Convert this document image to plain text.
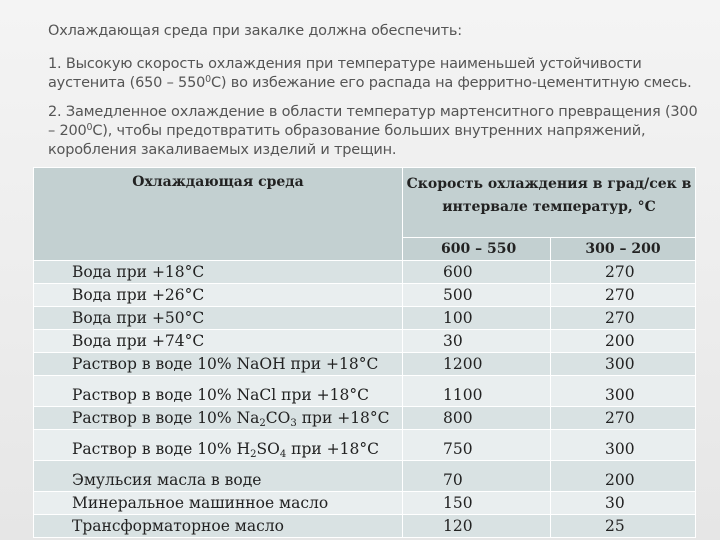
Охлаждающая среда при закалке должна обеспечить:

1. Высокую скорость охлаждения при температуре наименьшей устойчивости аустенита $(650 - 550^0С)$ во избежание его распада на ферритно-цементитную смесь.

2. Замедленное охлаждение в области температур мартенситного превращения $(300 - 200^0С)$, чтобы предотвратить образование больших внутренних напряжений, коробления закаливаемых изделий и трещин.

Охлаждающая среда	Скорость охлаждения в град/сек в интервале температур, °С	
	600 – 550	300 – 200
Вода при +18°С	600	270
Вода при +26°С	500	270
Вода при +50°С	100	270
Вода при +74°С	30	200
Раствор в воде 10% NaOH при +18°С	1200	300
Раствор в воде 10% NaCl при +18°С	1100	300
Раствор в воде 10% $Na_2CO_3$ при +18°С	800	270
Раствор в воде 10% $H_2SO_4$ при +18°С	750	300
Эмульсия масла в воде	70	200
Минеральное машинное масло	150	30
Трансформаторное масло	120	25
